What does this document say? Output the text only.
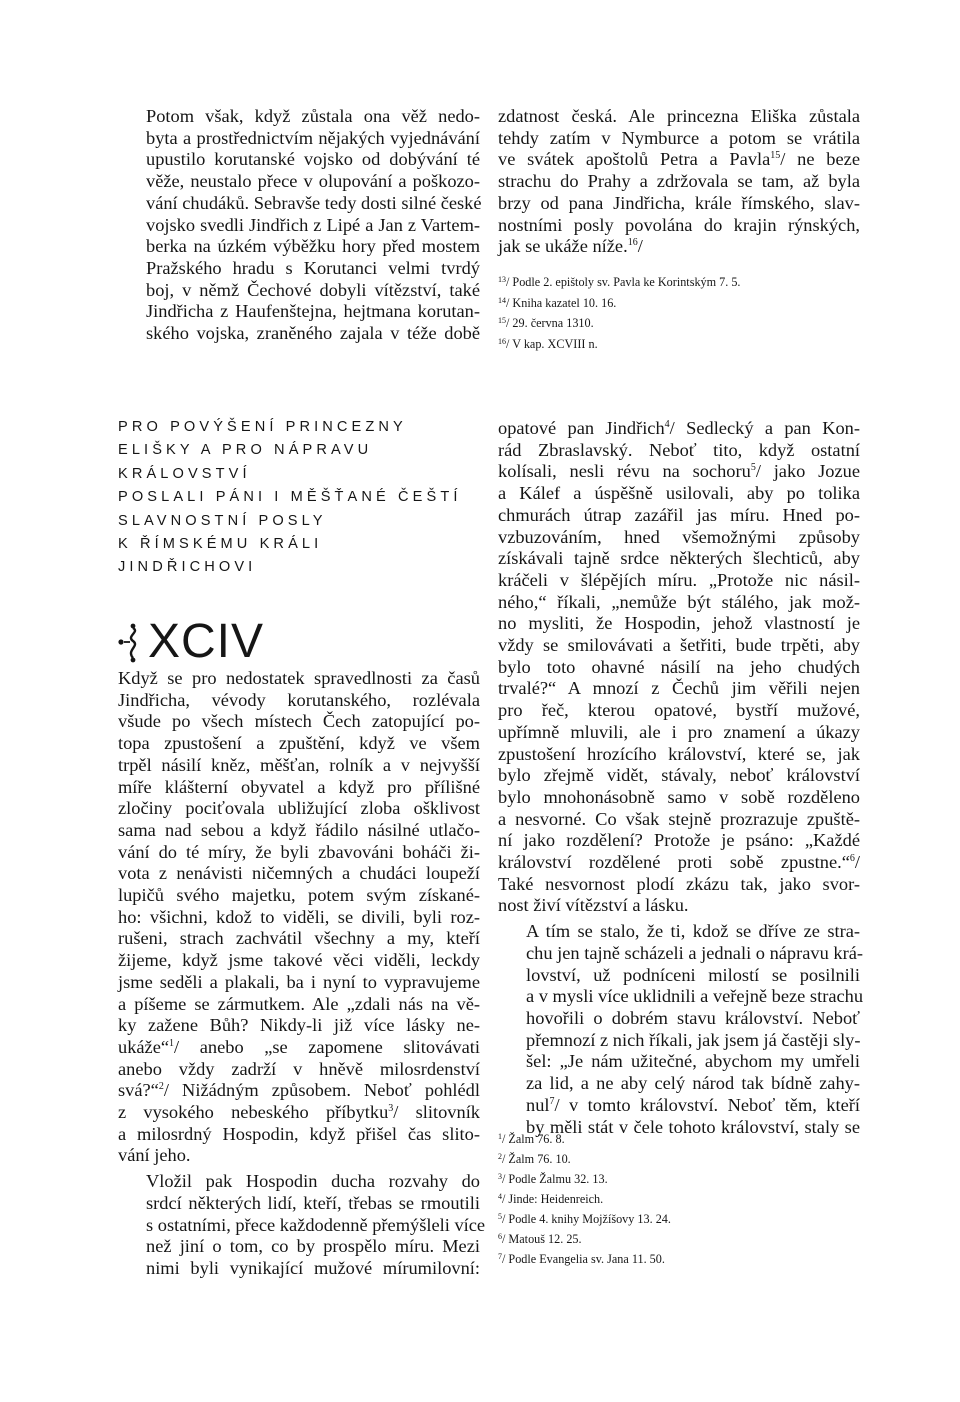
Potom však, když zůstala ona věž nedo-
byta a prostřednictvím nějakých vyjednávání
upustilo korutanské vojsko od dobývání té
věže, neustalo přece v olupování a poškozo-
vání chudáků. Sebravše tedy dosti silné české
vojsko svedli Jindřich z Lipé a Jan z Vartem-
berka na úzkém výběžku hory před mostem
Pražského hradu s Korutanci velmi tvrdý
boj, v němž Čechové dobyli vítězství, také
Jindřicha z Haufenštejna, hejtmana korutan-
ského vojska, zraněného zajala v téže době

zdatnost česká. Ale princezna Eliška zůstala
tehdy zatím v Nymburce a potom se vrátila
ve svátek apoštolů Petra a Pavla$^{15}$/ ne beze
strachu do Prahy a zdržovala se tam, až byla
brzy od pana Jindřicha, krále římského, slav-
nostními posly povolána do krajin rýnských,
jak se ukáže níže.$^{16}$/

$^{13}$/ Podle 2. epištoly sv. Pavla ke Korintským 7. 5.
$^{14}$/ Kniha kazatel 10. 16.
$^{15}$/ 29. června 1310.
$^{16}$/ V kap. XCVIII n.

PRO POVÝŠENÍ PRINCEZNY
ELIŠKY A PRO NÁPRAVU
KRÁLOVSTVÍ
POSLALI PÁNI I MĚŠŤANÉ ČEŠTÍ
SLAVNOSTNÍ POSLY
K ŘÍMSKÉMU KRÁLI
JINDŘICHOVI

XCIV

Když se pro nedostatek spravedlnosti za časů
Jindřicha, vévody korutanského, rozlévala
všude po všech místech Čech zatopující po-
topa zpustošení a zpuštění, když ve všem
trpěl násilí kněz, měšťan, rolník a v nejvyšší
míře klášterní obyvatel a když pro přílišné
zločiny pociťovala ubližující zloba ošklivost
sama nad sebou a když řádilo násilné utlačo-
vání do té míry, že byli zbavováni boháči ži-
vota z nenávisti ničemných a chudáci loupeží
lupičů svého majetku, potem svým získané-
ho: všichni, kdož to viděli, se divili, byli roz-
rušeni, strach zachvátil všechny a my, kteří
žijeme, když jsme takové věci viděli, leckdy
jsme seděli a plakali, ba i nyní to vypravujeme
a píšeme se zármutkem. Ale „zdali nás na vě-
ky zažene Bůh? Nikdy-li již více lásky ne-
ukáže“$^1$/ anebo „se zapomene slitovávati
anebo vždy zadrží v hněvě milosrdenství
svá?“$^2$/ Nižádným způsobem. Neboť pohlédl
z vysokého nebeského příbytku$^3$/ slitovník
a milosrdný Hospodin, když přišel čas slito-
vání jeho.

Vložil pak Hospodin ducha rozvahy do
srdcí některých lidí, kteří, třebas se rmoutili
s ostatními, přece každodenně přemýšleli více
než jiní o tom, co by prospělo míru. Mezi
nimi byli vynikající mužové mírumilovní:

opatové pan Jindřich$^4$/ Sedlecký a pan Kon-
rád Zbraslavský. Neboť tito, když ostatní
kolísali, nesli révu na sochoru$^5$/ jako Jozue
a Kálef a úspěšně usilovali, aby po tolika
chmurách útrap zazářil jas míru. Hned po-
vzbuzováním, hned všemožnými způsoby
získávali tajně srdce některých šlechticů, aby
kráčeli v šlépějích míru. „Protože nic násil-
ného,“ říkali, „nemůže být stálého, jak mož-
no mysliti, že Hospodin, jehož vlastností je
vždy se smilovávati a šetřiti, bude trpěti, aby
bylo toto ohavné násilí na jeho chudých
trvalé?“ A mnozí z Čechů jim věřili nejen
pro řeč, kterou opatové, bystří mužové,
upřímně mluvili, ale i pro znamení a úkazy
zpustošení hrozícího království, které se, jak
bylo zřejmě vidět, stávaly, neboť království
bylo mnohonásobně samo v sobě rozděleno
a nesvorné. Co však stejně prozrazuje zpuště-
ní jako rozdělení? Protože je psáno: „Každé
království rozdělené proti sobě zpustne.“$^6$/
Také nesvornost plodí zkázu tak, jako svor-
nost živí vítězství a lásku.

A tím se stalo, že ti, kdož se dříve ze stra-
chu jen tajně scházeli a jednali o nápravu krá-
lovství, už podníceni milostí se posilnili
a v mysli více uklidnili a veřejně beze strachu
hovořili o dobrém stavu království. Neboť
přemnozí z nich říkali, jak jsem já častěji sly-
šel: „Je nám užitečné, abychom my umřeli
za lid, a ne aby celý národ tak bídně zahy-
nul$^7$/ v tomto království. Neboť těm, kteří
by měli stát v čele tohoto království, staly se

$^1$/ Žalm 76. 8.
$^2$/ Žalm 76. 10.
$^3$/ Podle Žalmu 32. 13.
$^4$/ Jinde: Heidenreich.
$^5$/ Podle 4. knihy Mojžíšovy 13. 24.
$^6$/ Matouš 12. 25.
$^7$/ Podle Evangelia sv. Jana 11. 50.
